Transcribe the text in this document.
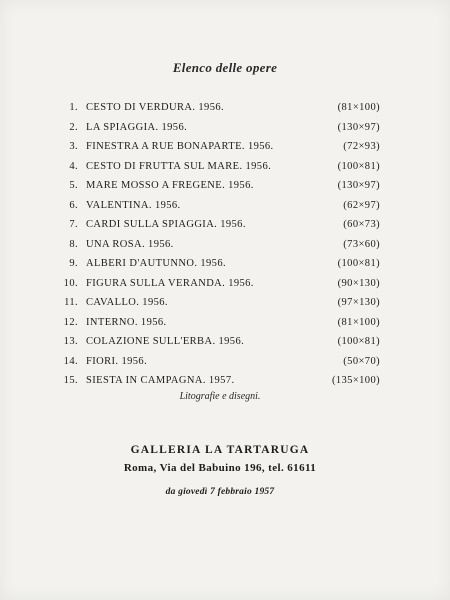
Elenco delle opere
1. CESTO DI VERDURA. 1956.	(81×100)
2. LA SPIAGGIA. 1956.	(130×97)
3. FINESTRA A RUE BONAPARTE. 1956.	(72×93)
4. CESTO DI FRUTTA SUL MARE. 1956.	(100×81)
5. MARE MOSSO A FREGENE. 1956.	(130×97)
6. VALENTINA. 1956.	(62×97)
7. CARDI SULLA SPIAGGIA. 1956.	(60×73)
8. UNA ROSA. 1956.	(73×60)
9. ALBERI D'AUTUNNO. 1956.	(100×81)
10. FIGURA SULLA VERANDA. 1956.	(90×130)
11. CAVALLO. 1956.	(97×130)
12. INTERNO. 1956.	(81×100)
13. COLAZIONE SULL'ERBA. 1956.	(100×81)
14. FIORI. 1956.	(50×70)
15. SIESTA IN CAMPAGNA. 1957.	(135×100)
Litografie e disegni.
GALLERIA LA TARTARUGA
Roma, Via del Babuino 196, tel. 61611
da giovedì 7 febbraio 1957
